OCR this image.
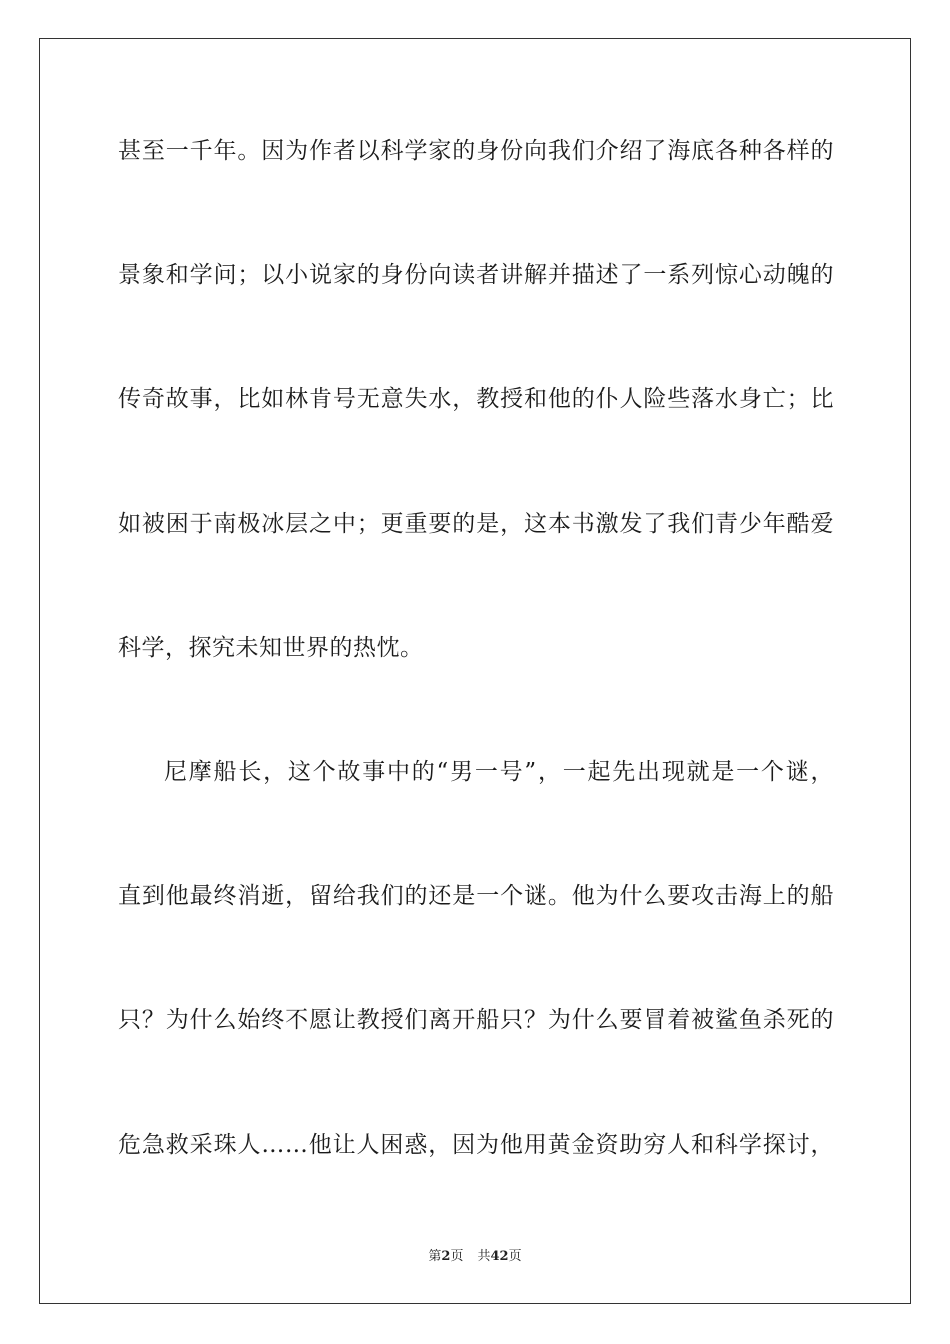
甚至一千年。因为作者以科学家的身份向我们介绍了海底各种各样的
景象和学问；以小说家的身份向读者讲解并描述了一系列惊心动魄的
传奇故事，比如林肯号无意失水，教授和他的仆人险些落水身亡；比
如被困于南极冰层之中；更重要的是，这本书激发了我们青少年酷爱
科学，探究未知世界的热忱。
尼摩船长，这个故事中的“男一号”，一起先出现就是一个谜，
直到他最终消逝，留给我们的还是一个谜。他为什么要攻击海上的船
只？为什么始终不愿让教授们离开船只？为什么要冒着被鲨鱼杀死的
危急救采珠人……他让人困惑，因为他用黄金资助穷人和科学探讨，
第2页 共42页
